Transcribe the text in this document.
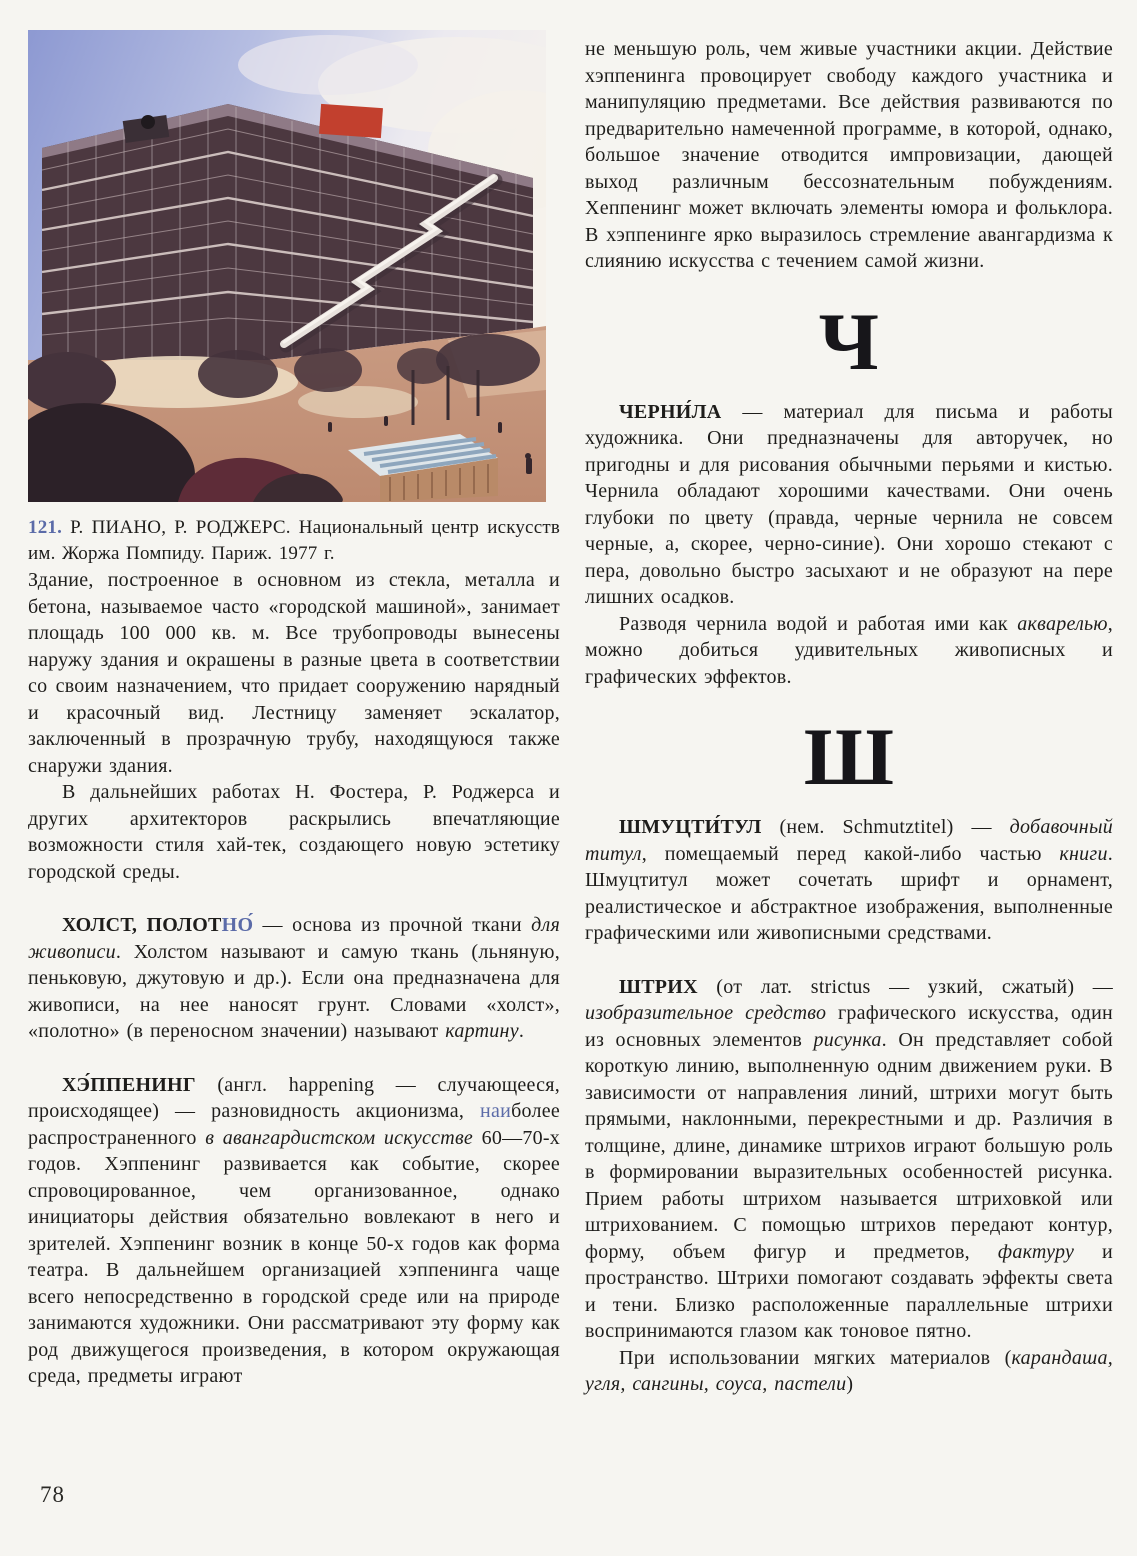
121. Р. ПИАНО, Р. РОДЖЕРС. Национальный центр искусств им. Жоржа Помпиду. Париж. 1977 г.

Здание, построенное в основном из стекла, металла и бетона, называемое часто «городской машиной», занимает площадь 100 000 кв. м. Все трубопроводы вынесены наружу здания и окрашены в разные цвета в соответствии со своим назначением, что придает сооружению нарядный и красочный вид. Лестницу заменяет эскалатор, заключенный в прозрачную трубу, находящуюся также снаружи здания.

В дальнейших работах Н. Фостера, Р. Роджерса и других архитекторов раскрылись впечатляющие возможности стиля хай-тек, создающего новую эстетику городской среды.

ХОЛСТ, ПОЛОТНО́ — основа из прочной ткани для живописи. Холстом называют и самую ткань (льняную, пеньковую, джутовую и др.). Если она предназначена для живописи, на нее наносят грунт. Словами «холст», «полотно» (в переносном значении) называют картину.

ХЭ́ППЕНИНГ (англ. happening — случающееся, происходящее) — разновидность акционизма, наиболее распространенного в авангардистском искусстве 60—70-х годов. Хэппенинг развивается как событие, скорее спровоцированное, чем организованное, однако инициаторы действия обязательно вовлекают в него и зрителей. Хэппенинг возник в конце 50-х годов как форма театра. В дальнейшем организацией хэппенинга чаще всего непосредственно в городской среде или на природе занимаются художники. Они рассматривают эту форму как род движущегося произведения, в котором окружающая среда, предметы играют

не меньшую роль, чем живые участники акции. Действие хэппенинга провоцирует свободу каждого участника и манипуляцию предметами. Все действия развиваются по предварительно намеченной программе, в которой, однако, большое значение отводится импровизации, дающей выход различным бессознательным побуждениям. Хеппенинг может включать элементы юмора и фольклора. В хэппенинге ярко выразилось стремление авангардизма к слиянию искусства с течением самой жизни.

Ч

ЧЕРНИ́ЛА — материал для письма и работы художника. Они предназначены для авторучек, но пригодны и для рисования обычными перьями и кистью. Чернила обладают хорошими качествами. Они очень глубоки по цвету (правда, черные чернила не совсем черные, а, скорее, черно-синие). Они хорошо стекают с пера, довольно быстро засыхают и не образуют на пере лишних осадков.

Разводя чернила водой и работая ими как акварелью, можно добиться удивительных живописных и графических эффектов.

Ш

ШМУЦТИ́ТУЛ (нем. Schmutztitel) — добавочный титул, помещаемый перед какой-либо частью книги. Шмуцтитул может сочетать шрифт и орнамент, реалистическое и абстрактное изображения, выполненные графическими или живописными средствами.

ШТРИХ (от лат. strictus — узкий, сжатый) — изобразительное средство графического искусства, один из основных элементов рисунка. Он представляет собой короткую линию, выполненную одним движением руки. В зависимости от направления линий, штрихи могут быть прямыми, наклонными, перекрестными и др. Различия в толщине, длине, динамике штрихов играют большую роль в формировании выразительных особенностей рисунка. Прием работы штрихом называется штриховкой или штрихованием. С помощью штрихов передают контур, форму, объем фигур и предметов, фактуру и пространство. Штрихи помогают создавать эффекты света и тени. Близко расположенные параллельные штрихи воспринимаются глазом как тоновое пятно.

При использовании мягких материалов (карандаша, угля, сангины, соуса, пастели)

78
